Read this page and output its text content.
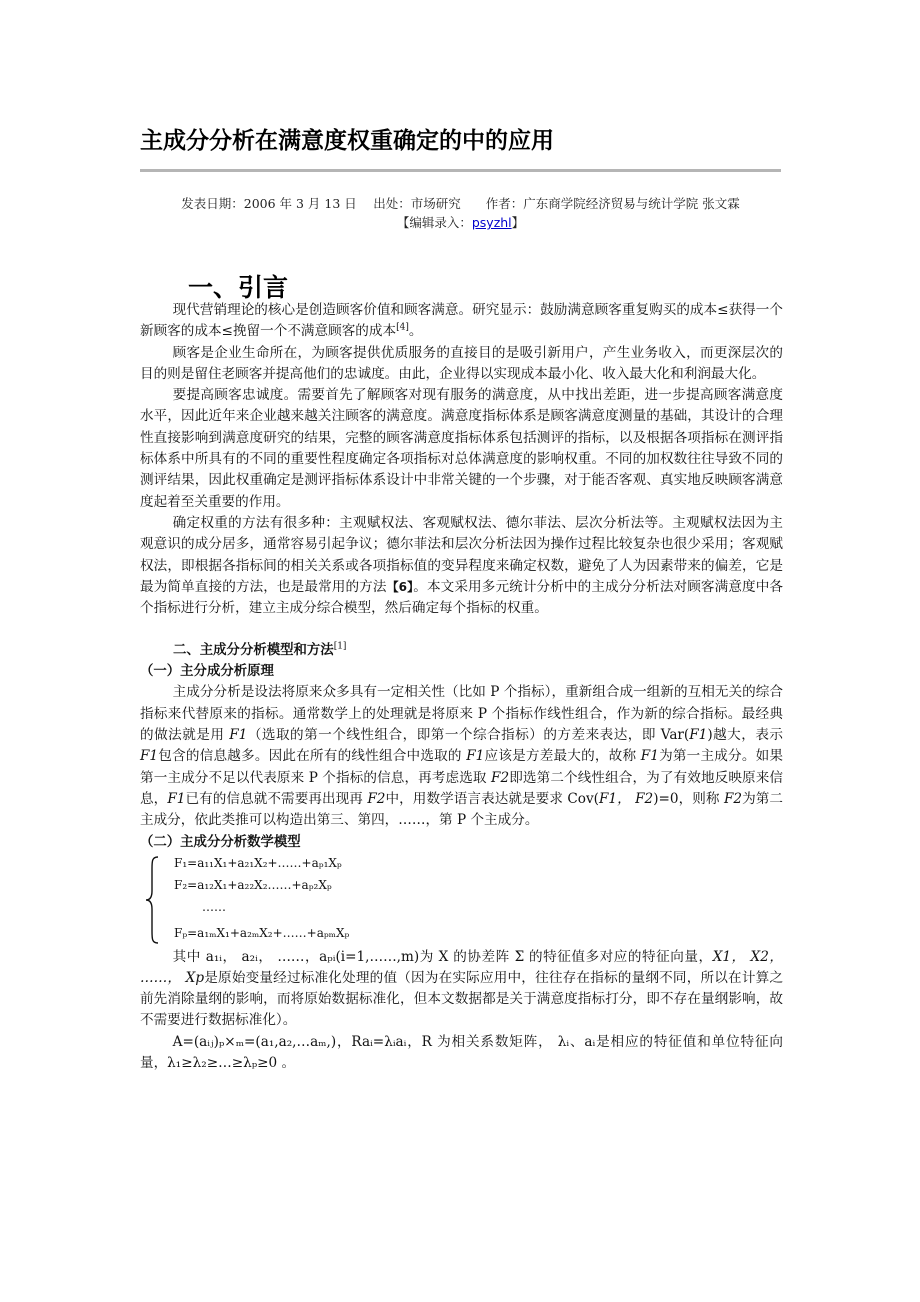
主成分分析在满意度权重确定的中的应用
发表日期：2006 年 3 月 13 日　 出处：市场研究　　作者：广东商学院经济贸易与统计学院 张文霖
【编辑录入：psyzhl】
一、引言

现代营销理论的核心是创造顾客价值和顾客满意。研究显示：鼓励满意顾客重复购买的成本≤获得一个新顾客的成本≤挽留一个不满意顾客的成本[4]。

顾客是企业生命所在，为顾客提供优质服务的直接目的是吸引新用户，产生业务收入，而更深层次的目的则是留住老顾客并提高他们的忠诚度。由此，企业得以实现成本最小化、收入最大化和利润最大化。

要提高顾客忠诚度。需要首先了解顾客对现有服务的满意度，从中找出差距，进一步提高顾客满意度水平，因此近年来企业越来越关注顾客的满意度。满意度指标体系是顾客满意度测量的基础，其设计的合理性直接影响到满意度研究的结果，完整的顾客满意度指标体系包括测评的指标，以及根据各项指标在测评指标体系中所具有的不同的重要性程度确定各项指标对总体满意度的影响权重。不同的加权数往往导致不同的测评结果，因此权重确定是测评指标体系设计中非常关键的一个步骤，对于能否客观、真实地反映顾客满意度起着至关重要的作用。

确定权重的方法有很多种：主观赋权法、客观赋权法、德尔菲法、层次分析法等。主观赋权法因为主观意识的成分居多，通常容易引起争议；德尔菲法和层次分析法因为操作过程比较复杂也很少采用；客观赋权法，即根据各指标间的相关关系或各项指标值的变异程度来确定权数，避免了人为因素带来的偏差，它是最为简单直接的方法，也是最常用的方法【6】。本文采用多元统计分析中的主成分分析法对顾客满意度中各个指标进行分析，建立主成分综合模型，然后确定每个指标的权重。

二、主成分分析模型和方法[1]
（一）主分成分析原理

主成分分析是设法将原来众多具有一定相关性（比如 P 个指标），重新组合成一组新的互相无关的综合指标来代替原来的指标。通常数学上的处理就是将原来 P 个指标作线性组合，作为新的综合指标。最经典的做法就是用 F1（选取的第一个线性组合，即第一个综合指标）的方差来表达，即 Var(F1)越大，表示 F1包含的信息越多。因此在所有的线性组合中选取的 F1应该是方差最大的，故称 F1为第一主成分。如果第一主成分不足以代表原来 P 个指标的信息，再考虑选取 F2即选第二个线性组合，为了有效地反映原来信息，F1已有的信息就不需要再出现再 F2中，用数学语言表达就是要求 Cov(F1， F2)=0，则称 F2为第二主成分，依此类推可以构造出第三、第四，……，第 P 个主成分。

（二）主成分分析数学模型
F₁=a₁₁X₁+a₂₁X₂+……+aₚ₁Xₚ
F₂=a₁₂X₁+a₂₂X₂……+aₚ₂Xₚ
……
Fₚ=a₁ₘX₁+a₂ₘX₂+……+aₚₘXₚ

其中 a₁ᵢ， a₂ᵢ， ……，aₚᵢ(i=1,……,m)为 X 的协差阵 Σ 的特征值多对应的特征向量，X1， X2， ……， Xp是原始变量经过标准化处理的值（因为在实际应用中，往往存在指标的量纲不同，所以在计算之前先消除量纲的影响，而将原始数据标准化，但本文数据都是关于满意度指标打分，即不存在量纲影响，故不需要进行数据标准化）。

A=(aᵢⱼ)ₚ×ₘ=(a₁,a₂,…aₘ,)，Raᵢ=λᵢaᵢ，R 为相关系数矩阵， λᵢ、aᵢ是相应的特征值和单位特征向量，λ₁≥λ₂≥…≥λₚ≥0 。
